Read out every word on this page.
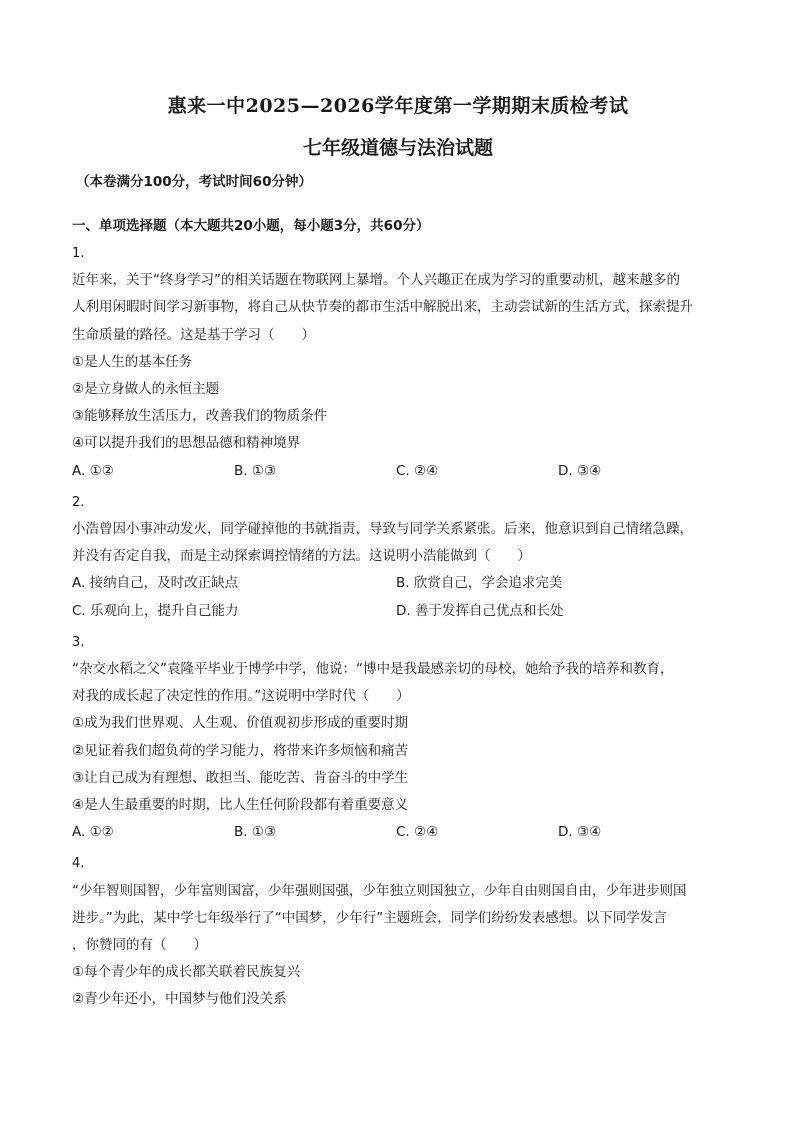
惠来一中2025—2026学年度第一学期期末质检考试
七年级道德与法治试题
（本卷满分100分，考试时间60分钟）
一、单项选择题（本大题共20小题，每小题3分，共60分）
1.
近年来，关于“终身学习”的相关话题在物联网上暴增。个人兴趣正在成为学习的重要动机，越来越多的
人利用闲暇时间学习新事物，将自己从快节奏的都市生活中解脱出来，主动尝试新的生活方式，探索提升
生命质量的路径。这是基于学习（　　）
①是人生的基本任务
②是立身做人的永恒主题
③能够释放生活压力，改善我们的物质条件
④可以提升我们的思想品德和精神境界
A. ①②	B. ①③	C. ②④	D. ③④
2.
小浩曾因小事冲动发火，同学碰掉他的书就指责，导致与同学关系紧张。后来，他意识到自己情绪急躁，
并没有否定自我，而是主动探索调控情绪的方法。这说明小浩能做到（　　）
A. 接纳自己，及时改正缺点	B. 欣赏自己，学会追求完美
C. 乐观向上，提升自己能力	D. 善于发挥自己优点和长处
3.
“杂交水稻之父”袁隆平毕业于博学中学，他说：“博中是我最感亲切的母校，她给予我的培养和教育，
对我的成长起了决定性的作用。”这说明中学时代（　　）
①成为我们世界观、人生观、价值观初步形成的重要时期
②见证着我们超负荷的学习能力，将带来许多烦恼和痛苦
③让自己成为有理想、敢担当、能吃苦、肯奋斗的中学生
④是人生最重要的时期，比人生任何阶段都有着重要意义
A. ①②	B. ①③	C. ②④	D. ③④
4.
“少年智则国智，少年富则国富，少年强则国强，少年独立则国独立，少年自由则国自由，少年进步则国
进步。”为此，某中学七年级举行了“中国梦，少年行”主题班会，同学们纷纷发表感想。以下同学发言
，你赞同的有（　　）
①每个青少年的成长都关联着民族复兴
②青少年还小，中国梦与他们没关系
